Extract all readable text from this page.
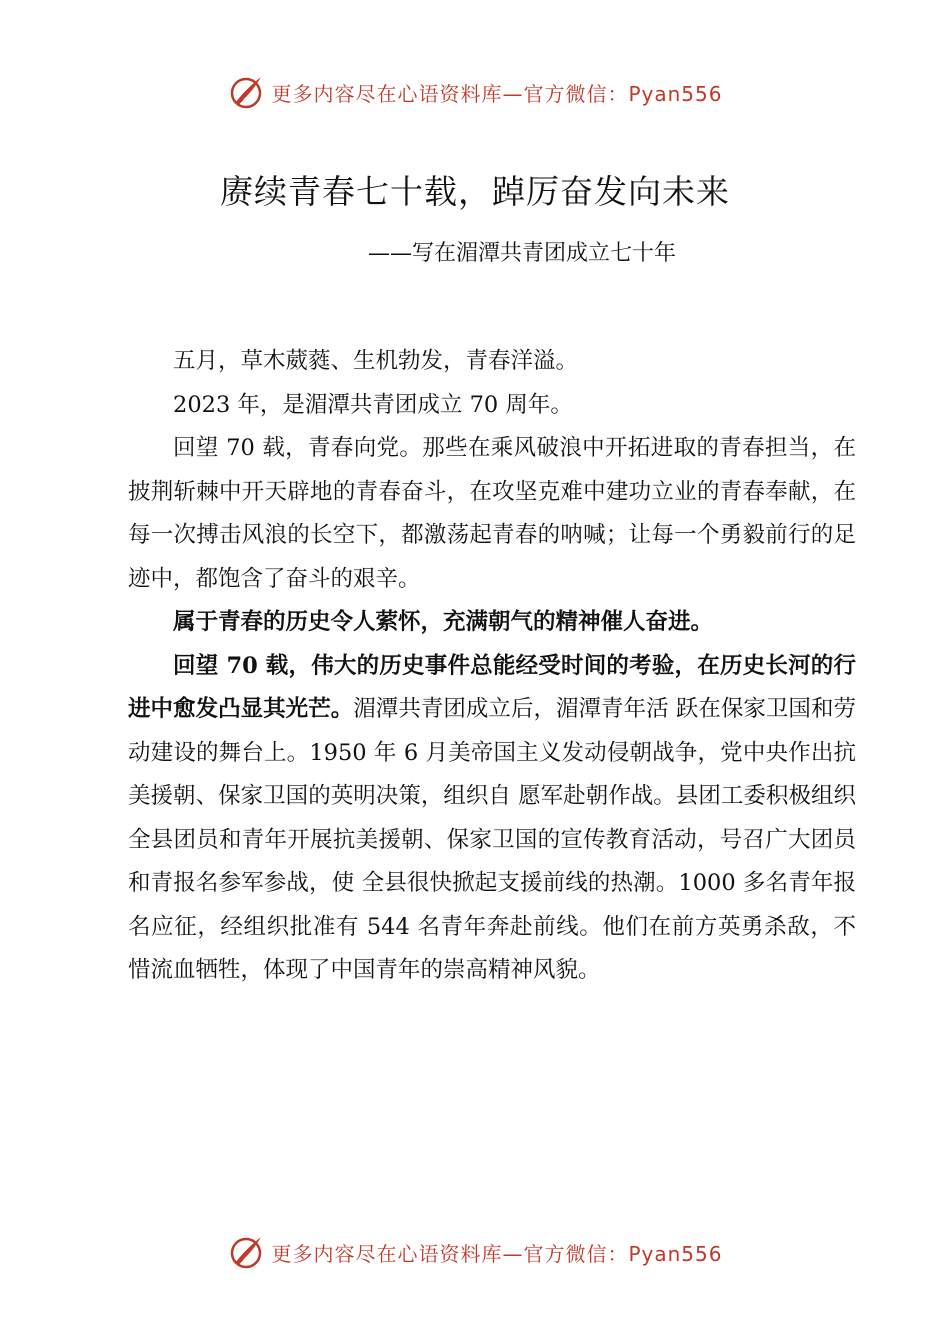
更多内容尽在心语资料库—官方微信：Pyan556
赓续青春七十载，踔厉奋发向未来
——写在湄潭共青团成立七十年

五月，草木葳蕤、生机勃发，青春洋溢。

2023 年，是湄潭共青团成立 70 周年。

回望 70 载，青春向党。那些在乘风破浪中开拓进取的青春担当，在披荆斩棘中开天辟地的青春奋斗，在攻坚克难中建功立业的青春奉献，在每一次搏击风浪的长空下，都激荡起青春的呐喊；让每一个勇毅前行的足迹中，都饱含了奋斗的艰辛。

属于青春的历史令人萦怀，充满朝气的精神催人奋进。

回望 70 载，伟大的历史事件总能经受时间的考验，在历史长河的行进中愈发凸显其光芒。湄潭共青团成立后，湄潭青年活 跃在保家卫国和劳动建设的舞台上。1950 年 6 月美帝国主义发动侵朝战争，党中央作出抗美援朝、保家卫国的英明决策，组织自 愿军赴朝作战。县团工委积极组织全县团员和青年开展抗美援朝、保家卫国的宣传教育活动，号召广大团员和青报名参军参战，使 全县很快掀起支援前线的热潮。1000 多名青年报名应征，经组织批准有 544 名青年奔赴前线。他们在前方英勇杀敌，不惜流血牺牲，体现了中国青年的崇高精神风貌。

更多内容尽在心语资料库—官方微信：Pyan556
